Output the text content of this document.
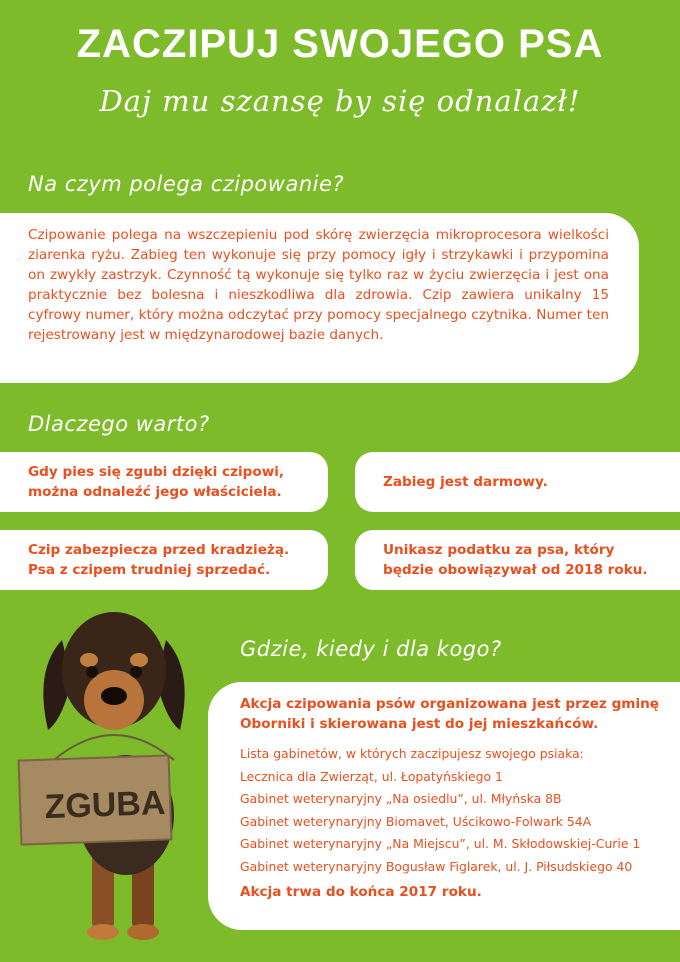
ZACZIPUJ SWOJEGO PSA
Daj mu szansę by się odnalazł!
Na czym polega czipowanie?
Czipowanie polega na wszczepieniu pod skórę zwierzęcia mikroprocesora wielkości ziarenka ryżu. Zabieg ten wykonuje się przy pomocy igły i strzykawki i przypomina on zwykły zastrzyk. Czynność tą wykonuje się tylko raz w życiu zwierzęcia i jest ona praktycznie bez bolesna i nieszkodliwa dla zdrowia. Czip zawiera unikalny 15 cyfrowy numer, który można odczytać przy pomocy specjalnego czytnika. Numer ten rejestrowany jest w międzynarodowej bazie danych.
Dlaczego warto?
Gdy pies się zgubi dzięki czipowi, można odnaleźć jego właściciela.
Zabieg jest darmowy.
Czip zabezpiecza przed kradzieżą. Psa z czipem trudniej sprzedać.
Unikasz podatku za psa, który będzie obowiązywał od 2018 roku.
Gdzie, kiedy i dla kogo?
Akcja czipowania psów organizowana jest przez gminę Oborniki i skierowana jest do jej mieszkańców.
Lista gabinetów, w których zaczipujesz swojego psiaka:
Lecznica dla Zwierząt, ul. Łopatyńskiego 1
Gabinet weterynaryjny „Na osiedlu”, ul. Młyńska 8B
Gabinet weterynaryjny Biomavet, Uścikowo-Folwark 54A
Gabinet weterynaryjny „Na Miejscu”, ul. M. Skłodowskiej-Curie 1
Gabinet weterynaryjny Bogusław Figlarek, ul. J. Piłsudskiego 40
Akcja trwa do końca 2017 roku.
ZGUBA
